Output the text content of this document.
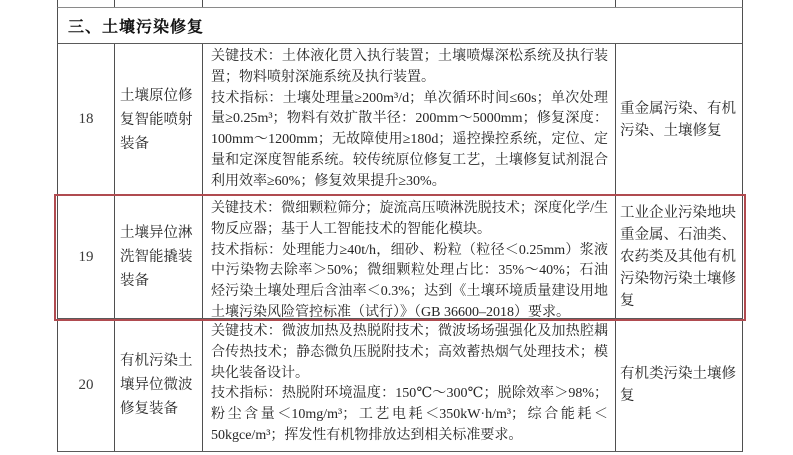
三、土壤污染修复
18
土壤原位修复智能喷射装备

关键技术：土体液化贯入执行装置；土壤喷爆深松系统及执行装置；物料喷射深施系统及执行装置。

技术指标：土壤处理量≥200m³/d；单次循环时间≤60s；单次处理量≥0.25m³；物料有效扩散半径：200mm～5000mm；修复深度：100mm～1200mm；无故障使用≥180d；遥控操控系统，定位、定量和定深度智能系统。较传统原位修复工艺，土壤修复试剂混合利用效率≥60%；修复效果提升≥30%。

重金属污染、有机污染、土壤修复
19
土壤异位淋洗智能撬装装备

关键技术：微细颗粒筛分；旋流高压喷淋洗脱技术；深度化学/生物反应器；基于人工智能技术的智能化模块。

技术指标：处理能力≥40t/h，细砂、粉粒（粒径＜0.25mm）浆液中污染物去除率＞50%；微细颗粒处理占比：35%～40%；石油烃污染土壤处理后含油率＜0.3%；达到《土壤环境质量建设用地土壤污染风险管控标准（试行）》（GB 36600–2018）要求。

工业企业污染地块重金属、石油类、农药类及其他有机污染物污染土壤修复
20
有机污染土壤异位微波修复装备

关键技术：微波加热及热脱附技术；微波场场强强化及加热腔耦合传热技术；静态微负压脱附技术；高效蓄热烟气处理技术；模块化装备设计。

技术指标：热脱附环境温度：150℃～300℃；脱除效率＞98%；粉尘含量＜10mg/m³；工艺电耗＜350kW·h/m³；综合能耗＜50kgce/m³；挥发性有机物排放达到相关标准要求。

有机类污染土壤修复
